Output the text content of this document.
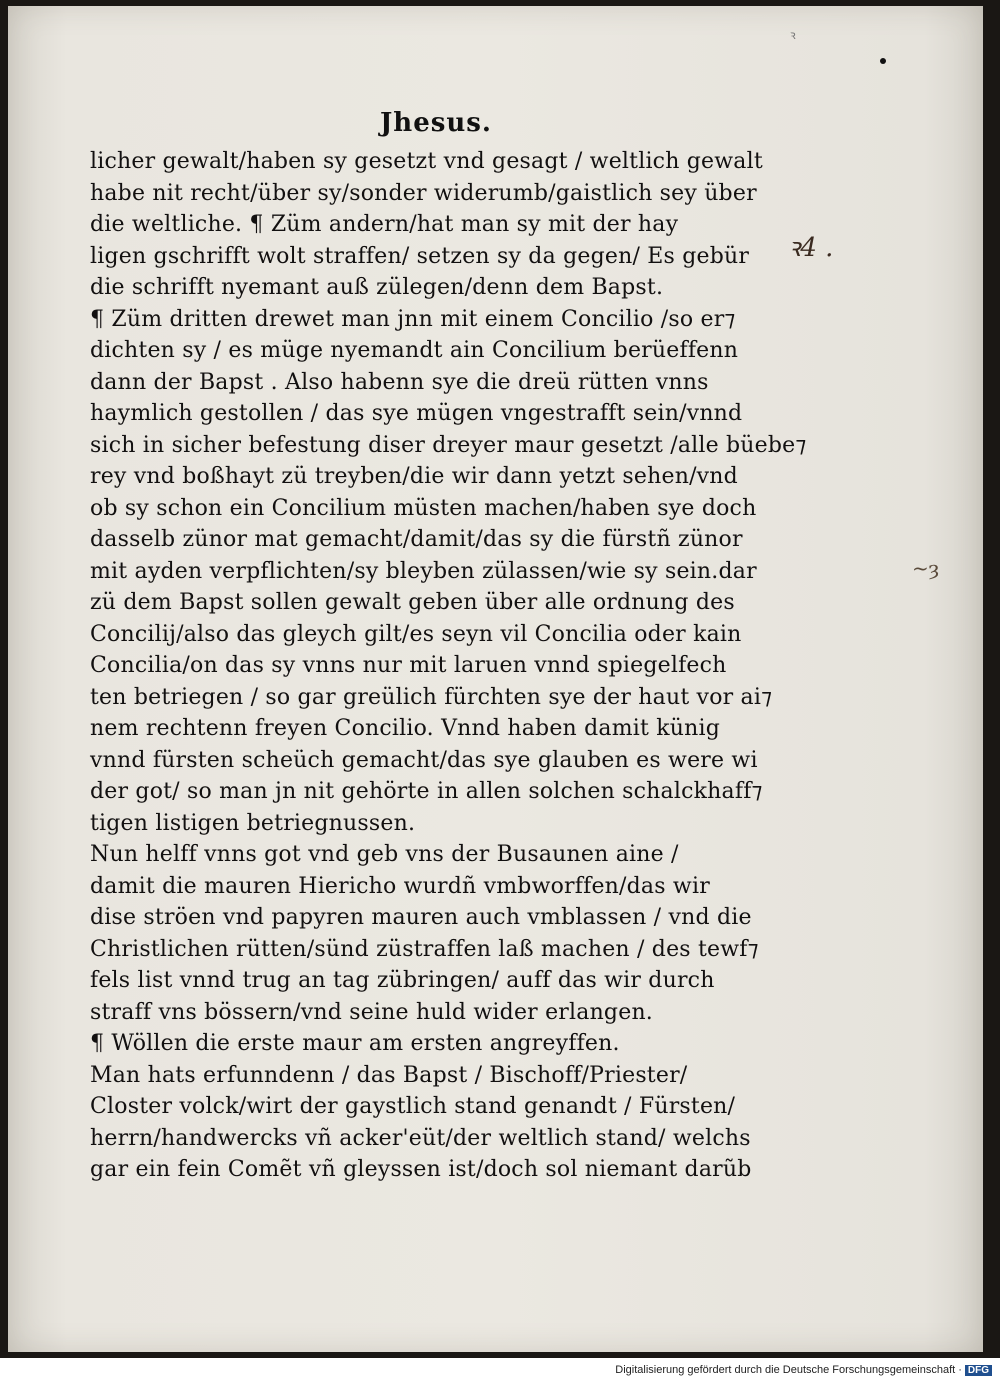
ꝛ
Jhesus.
licher gewalt/haben sy gesetzt vnd gesagt / weltlich gewalt
habe nit recht/über sy/sonder widerumb/gaistlich sey über
die weltliche. ¶ Züm andern/hat man sy mit der hay
ligen gschrifft wolt straffen/ setzen sy da gegen/ Es gebür
die schrifft nyemant auß zülegen/denn dem Bapst.
¶ Züm dritten drewet man jnn mit einem Concilio /so er⁊
dichten sy / es müge nyemandt ain Concilium berüeffenn
dann der Bapst . Also habenn sye die dreü rütten vnns
haymlich gestollen / das sye mügen vngestrafft sein/vnnd
sich in sicher befestung diser dreyer maur gesetzt /alle büebe⁊
rey vnd boßhayt zü treyben/die wir dann yetzt sehen/vnd
ob sy schon ein Concilium müsten machen/haben sye doch
dasselb zünor mat gemacht/damit/das sy die fürstñ zünor
mit ayden verpflichten/sy bleyben zülassen/wie sy sein.dar
zü dem Bapst sollen gewalt geben über alle ordnung des
Concilij/also das gleych gilt/es seyn vil Concilia oder kain
Concilia/on das sy vnns nur mit laruen vnnd spiegelfech
ten betriegen / so gar greülich fürchten sye der haut vor ai⁊
nem rechtenn freyen Concilio. Vnnd haben damit künig
vnnd fürsten scheüch gemacht/das sye glauben es were wi
der got/ so man jn nit gehörte in allen solchen schalckhaff⁊
tigen listigen betriegnussen.
Nun helff vnns got vnd geb vns der Busaunen aine /
damit die mauren Hiericho wurdñ vmbworffen/das wir
dise ströen vnd papyren mauren auch vmblassen / vnd die
Christlichen rütten/sünd züstraffen laß machen / des tewf⁊
fels list vnnd trug an tag zübringen/ auff das wir durch
straff vns bössern/vnd seine huld wider erlangen.
¶ Wöllen die erste maur am ersten angreyffen.
Man hats erfunndenn / das Bapst / Bischoff/Priester/
Closter volck/wirt der gaystlich stand genandt / Fürsten/
herrn/handwercks vñ acker'eüt/der weltlich stand/ welchs
gar ein fein Comẽt vñ gleyssen ist/doch sol niemant darũb
ꝛ4 .
~ȝ
Digitalisierung gefördert durch die Deutsche Forschungsgemeinschaft · DFG
